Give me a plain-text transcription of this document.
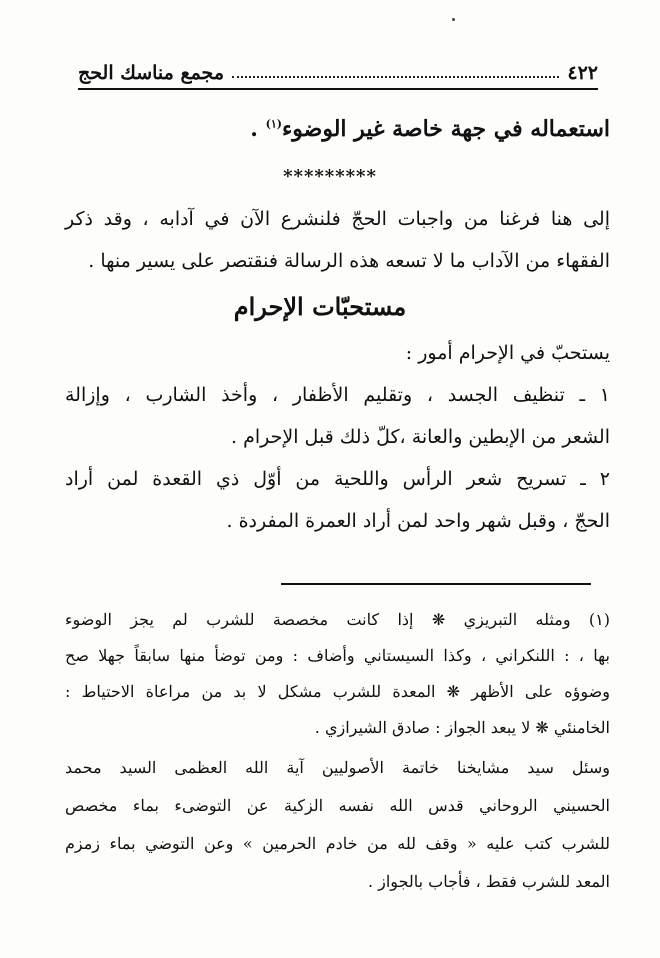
٤٢٢
مجمع مناسك الحج
استعماله في جهة خاصة غير الوضوء$^{(١)}$ .
*********
إلى هنا فرغنا من واجبات الحجّ فلنشرع الآن في آدابه ، وقد ذكر
الفقهاء من الآداب ما لا تسعه هذه الرسالة فنقتصر على يسير منها .
مستحبّات الإحرام
يستحبّ في الإحرام أمور :
١ ـ تنظيف الجسد ، وتقليم الأظفار ، وأخذ الشارب ، وإزالة
الشعر من الإبطين والعانة ،كلّ ذلك قبل الإحرام .
٢ ـ تسريح شعر الرأس واللحية من أوّل ذي القعدة لمن أراد
الحجّ ، وقبل شهر واحد لمن أراد العمرة المفردة .
(١) ومثله التبريزي ❋ إذا كانت مخصصة للشرب لم يجز الوضوء
بها ، : اللنكراني ، وكذا السيستاني وأضاف : ومن توضأ منها سابقاً جهلا صح
وضوؤه على الأظهر ❋ المعدة للشرب مشكل لا بد من مراعاة الاحتياط :
الخامنئي ❋ لا يبعد الجواز : صادق الشيرازي .
وسئل سيد مشايخنا خاتمة الأصوليين آية الله العظمى السيد محمد
الحسيني الروحاني قدس الله نفسه الزكية عن التوضىء بماء مخصص
للشرب كتب عليه « وقف لله من خادم الحرمين » وعن التوضي بماء زمزم
المعد للشرب فقط ، فأجاب بالجواز .
